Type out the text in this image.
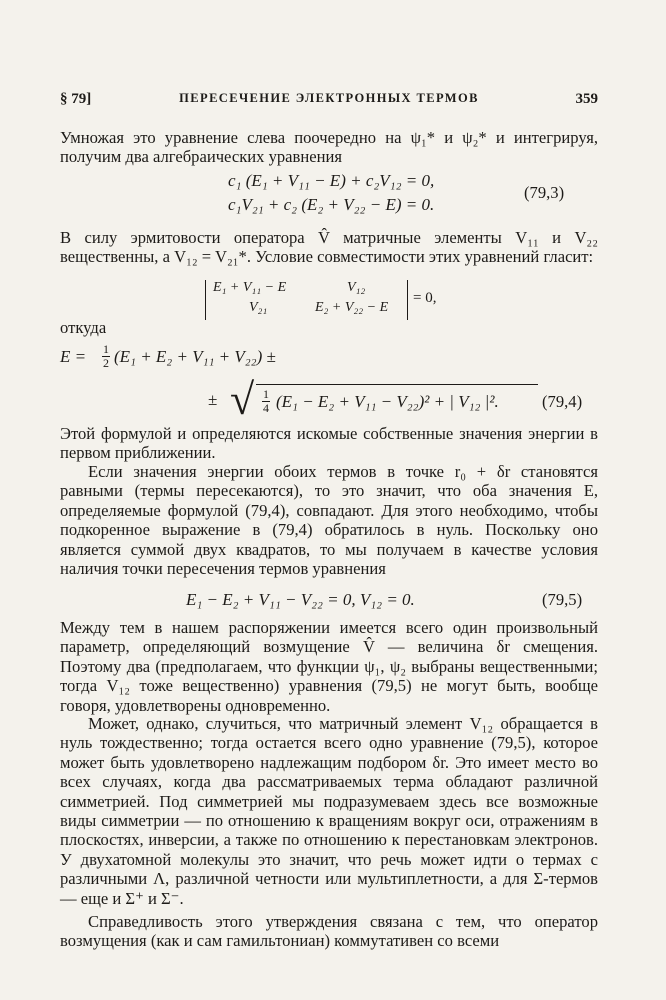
§ 79]	ПЕРЕСЕЧЕНИЕ ЭЛЕКТРОННЫХ ТЕРМОВ	359
Умножая это уравнение слева поочередно на ψ₁* и ψ₂* и интегрируя, получим два алгебраических уравнения
c₁ (E₁ + V₁₁ − E) + c₂V₁₂ = 0,
c₁V₂₁ + c₂ (E₂ + V₂₂ − E) = 0.
(79,3)
В силу эрмитовости оператора V̂ матричные элементы V₁₁ и V₂₂ вещественны, а V₁₂ = V₂₁*. Условие совместимости этих уравнений гласит:
E₁ + V₁₁ − E	V₁₂
V₂₁	E₂ + V₂₂ − E
= 0,
откуда
$E = \frac{1}{2} (E_1 + E_2 + V_{11} + V_{22})$ ±
± √ $\frac{1}{4} (E_1 - E_2 + V_{11} - V_{22})^2$ + | V₁₂ |².	(79,4)
Этой формулой и определяются искомые собственные значения энергии в первом приближении.
Если значения энергии обоих термов в точке r₀ + δr становятся равными (термы пересекаются), то это значит, что оба значения E, определяемые формулой (79,4), совпадают. Для этого необходимо, чтобы подкоренное выражение в (79,4) обратилось в нуль. Поскольку оно является суммой двух квадратов, то мы получаем в качестве условия наличия точки пересечения термов уравнения
E₁ − E₂ + V₁₁ − V₂₂ = 0, V₁₂ = 0.	(79,5)
Между тем в нашем распоряжении имеется всего один произвольный параметр, определяющий возмущение V̂ — величина δr смещения. Поэтому два (предполагаем, что функции ψ₁, ψ₂ выбраны вещественными; тогда V₁₂ тоже вещественно) уравнения (79,5) не могут быть, вообще говоря, удовлетворены одновременно.
Может, однако, случиться, что матричный элемент V₁₂ обращается в нуль тождественно; тогда остается всего одно уравнение (79,5), которое может быть удовлетворено надлежащим подбором δr. Это имеет место во всех случаях, когда два рассматриваемых терма обладают различной симметрией. Под симметрией мы подразумеваем здесь все возможные виды симметрии — по отношению к вращениям вокруг оси, отражениям в плоскостях, инверсии, а также по отношению к перестановкам электронов. У двухатомной молекулы это значит, что речь может идти о термах с различными Λ, различной четности или мультиплетности, а для Σ-термов — еще и Σ⁺ и Σ⁻.
Справедливость этого утверждения связана с тем, что оператор возмущения (как и сам гамильтониан) коммутативен со всеми
